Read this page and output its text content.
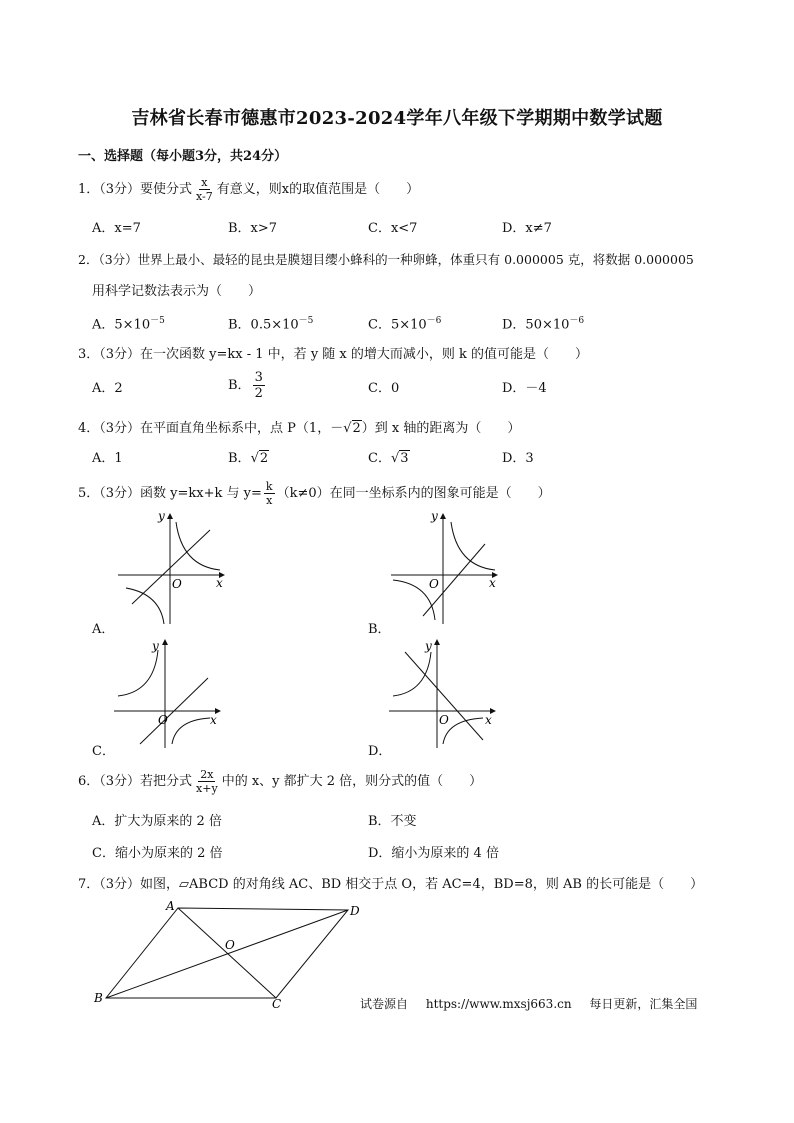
吉林省长春市德惠市2023-2024学年八年级下学期期中数学试题
一、选择题（每小题3分，共24分）
1．（3分）要使分式 $\frac{x}{x-7}$ 有意义，则x的取值范围是（　　）
A．x=7	B．x>7	C．x<7	D．x≠7
2．（3分）世界上最小、最轻的昆虫是膜翅目缨小蜂科的一种卵蜂，体重只有 0.000005 克，将数据 0.000005
用科学记数法表示为（　　）
A．$5\times 10^{-5}$	B．$0.5\times 10^{-5}$	C．$5\times 10^{-6}$	D．$50\times 10^{-6}$
3．（3分）在一次函数 y=kx - 1 中，若 y 随 x 的增大而减小，则 k 的值可能是（　　）
A．2	B． $\frac{3}{2}$	C．0	D．－4
4．（3分）在平面直角坐标系中，点 P（1，－√2）到 x 轴的距离为（　　）
A．1	B．√2	C．√3	D．3
5．（3分）函数 y=kx+k 与 $y= \frac{k}{x} (k\ne 0)$在同一坐标系内的图象可能是（　　）
y
x
O
A．
y
x
O
B．
y
x
O
C．
y
x
O
D．
6．（3分）若把分式 $\frac{2x}{x+y}$ 中的 x、y 都扩大 2 倍，则分式的值（　　）
A．扩大为原来的 2 倍	B．不变
C．缩小为原来的 2 倍	D．缩小为原来的 4 倍
7．（3分）如图，▱ABCD 的对角线 AC、BD 相交于点 O，若 AC=4，BD=8，则 AB 的长可能是（　　）
A	D
B	C
O
试卷源自 https://www.mxsj663.cn 每日更新，汇集全国
